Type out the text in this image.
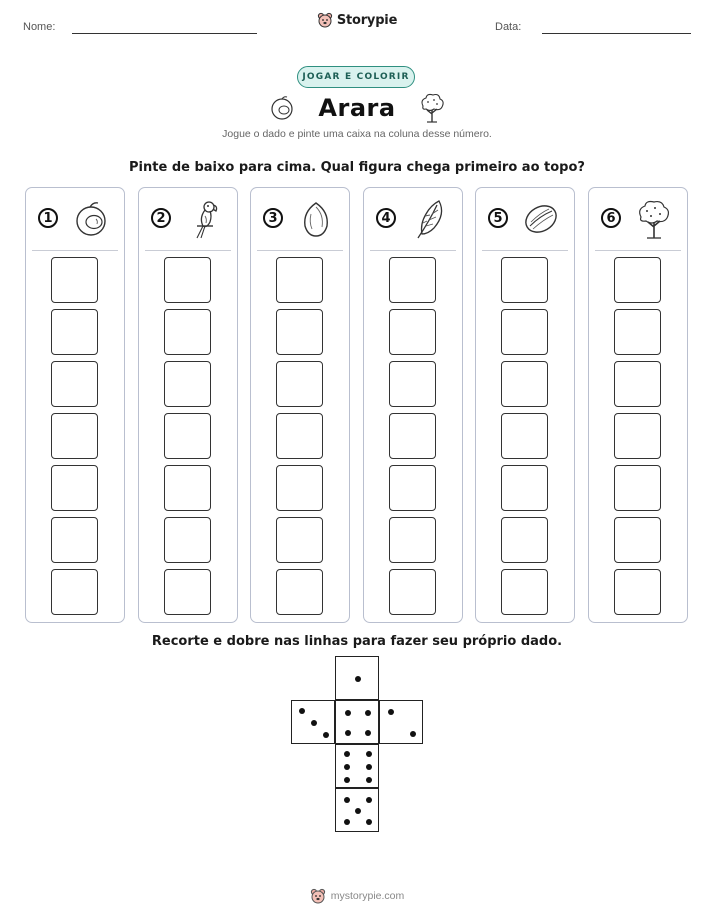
Nome:	Storypie	Data:
JOGAR E COLORIR
Arara
Jogue o dado e pinte uma caixa na coluna desse número.
Pinte de baixo para cima. Qual figura chega primeiro ao topo?
1	2	3	4	5	6
Recorte e dobre nas linhas para fazer seu próprio dado.
mystorypie.com
